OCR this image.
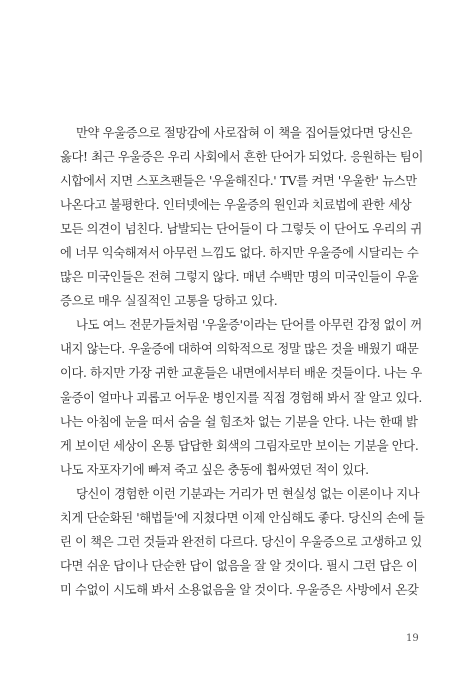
만약 우울증으로 절망감에 사로잡혀 이 책을 집어들었다면 당신은
옳다! 최근 우울증은 우리 사회에서 흔한 단어가 되었다. 응원하는 팀이
시합에서 지면 스포츠팬들은 '우울해진다.' TV를 켜면 '우울한' 뉴스만
나온다고 불평한다. 인터넷에는 우울증의 원인과 치료법에 관한 세상
모든 의견이 넘친다. 남발되는 단어들이 다 그렇듯 이 단어도 우리의 귀
에 너무 익숙해져서 아무런 느낌도 없다. 하지만 우울증에 시달리는 수
많은 미국인들은 전혀 그렇지 않다. 매년 수백만 명의 미국인들이 우울
증으로 매우 실질적인 고통을 당하고 있다.
나도 여느 전문가들처럼 '우울증'이라는 단어를 아무런 감정 없이 꺼
내지 않는다. 우울증에 대하여 의학적으로 정말 많은 것을 배웠기 때문
이다. 하지만 가장 귀한 교훈들은 내면에서부터 배운 것들이다. 나는 우
울증이 얼마나 괴롭고 어두운 병인지를 직접 경험해 봐서 잘 알고 있다.
나는 아침에 눈을 떠서 숨을 쉴 힘조차 없는 기분을 안다. 나는 한때 밝
게 보이던 세상이 온통 답답한 회색의 그림자로만 보이는 기분을 안다.
나도 자포자기에 빠져 죽고 싶은 충동에 휩싸였던 적이 있다.
당신이 경험한 이런 기분과는 거리가 먼 현실성 없는 이론이나 지나
치게 단순화된 '해법들'에 지쳤다면 이제 안심해도 좋다. 당신의 손에 들
린 이 책은 그런 것들과 완전히 다르다. 당신이 우울증으로 고생하고 있
다면 쉬운 답이나 단순한 답이 없음을 잘 알 것이다. 필시 그런 답은 이
미 수없이 시도해 봐서 소용없음을 알 것이다. 우울증은 사방에서 온갖
19
